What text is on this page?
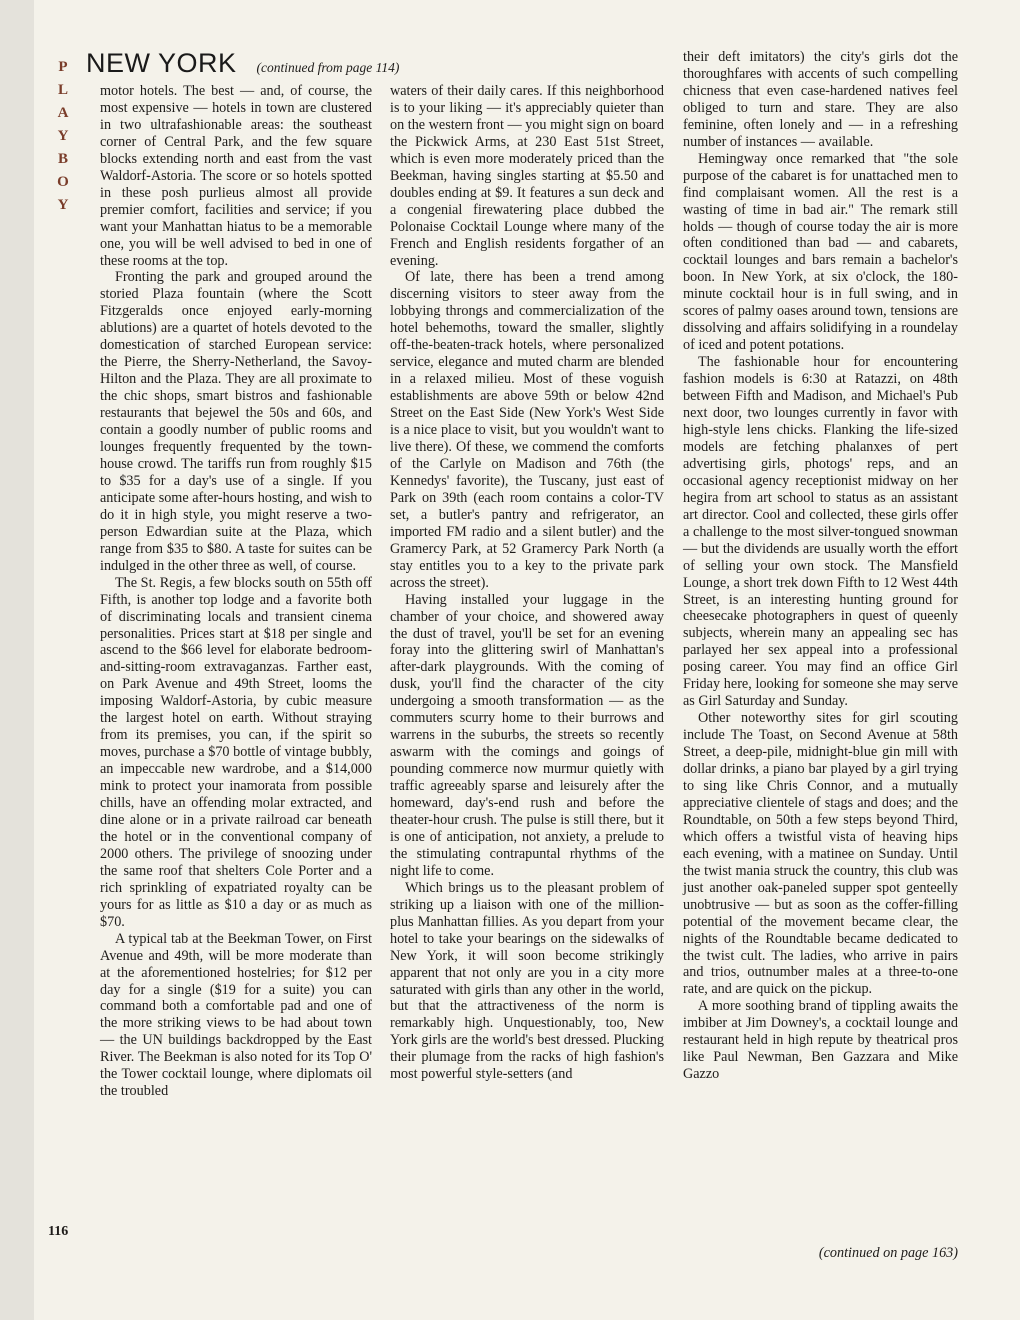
P
L
A
Y
B
O
Y
NEW YORK (continued from page 114)

motor hotels. The best — and, of course, the most expensive — hotels in town are clustered in two ultrafashionable areas: the southeast corner of Central Park, and the few square blocks extending north and east from the vast Waldorf-Astoria. The score or so hotels spotted in these posh purlieus almost all provide premier comfort, facilities and service; if you want your Manhattan hiatus to be a memorable one, you will be well advised to bed in one of these rooms at the top.

Fronting the park and grouped around the storied Plaza fountain (where the Scott Fitzgeralds once enjoyed early-morning ablutions) are a quartet of hotels devoted to the domestication of starched European service: the Pierre, the Sherry-Netherland, the Savoy-Hilton and the Plaza. They are all proximate to the chic shops, smart bistros and fashionable restaurants that bejewel the 50s and 60s, and contain a goodly number of public rooms and lounges frequently frequented by the town-house crowd. The tariffs run from roughly $15 to $35 for a day's use of a single. If you anticipate some after-hours hosting, and wish to do it in high style, you might reserve a two-person Edwardian suite at the Plaza, which range from $35 to $80. A taste for suites can be indulged in the other three as well, of course.

The St. Regis, a few blocks south on 55th off Fifth, is another top lodge and a favorite both of discriminating locals and transient cinema personalities. Prices start at $18 per single and ascend to the $66 level for elaborate bedroom-and-sitting-room extravaganzas. Farther east, on Park Avenue and 49th Street, looms the imposing Waldorf-Astoria, by cubic measure the largest hotel on earth. Without straying from its premises, you can, if the spirit so moves, purchase a $70 bottle of vintage bubbly, an impeccable new wardrobe, and a $14,000 mink to protect your inamorata from possible chills, have an offending molar extracted, and dine alone or in a private railroad car beneath the hotel or in the conventional company of 2000 others. The privilege of snoozing under the same roof that shelters Cole Porter and a rich sprinkling of expatriated royalty can be yours for as little as $10 a day or as much as $70.

A typical tab at the Beekman Tower, on First Avenue and 49th, will be more moderate than at the aforementioned hostelries; for $12 per day for a single ($19 for a suite) you can command both a comfortable pad and one of the more striking views to be had about town — the UN buildings backdropped by the East River. The Beekman is also noted for its Top O' the Tower cocktail lounge, where diplomats oil the troubled

waters of their daily cares. If this neighborhood is to your liking — it's appreciably quieter than on the western front — you might sign on board the Pickwick Arms, at 230 East 51st Street, which is even more moderately priced than the Beekman, having singles starting at $5.50 and doubles ending at $9. It features a sun deck and a congenial firewatering place dubbed the Polonaise Cocktail Lounge where many of the French and English residents forgather of an evening.

Of late, there has been a trend among discerning visitors to steer away from the lobbying throngs and commercialization of the hotel behemoths, toward the smaller, slightly off-the-beaten-track hotels, where personalized service, elegance and muted charm are blended in a relaxed milieu. Most of these voguish establishments are above 59th or below 42nd Street on the East Side (New York's West Side is a nice place to visit, but you wouldn't want to live there). Of these, we commend the comforts of the Carlyle on Madison and 76th (the Kennedys' favorite), the Tuscany, just east of Park on 39th (each room contains a color-TV set, a butler's pantry and refrigerator, an imported FM radio and a silent butler) and the Gramercy Park, at 52 Gramercy Park North (a stay entitles you to a key to the private park across the street).

Having installed your luggage in the chamber of your choice, and showered away the dust of travel, you'll be set for an evening foray into the glittering swirl of Manhattan's after-dark playgrounds. With the coming of dusk, you'll find the character of the city undergoing a smooth transformation — as the commuters scurry home to their burrows and warrens in the suburbs, the streets so recently aswarm with the comings and goings of pounding commerce now murmur quietly with traffic agreeably sparse and leisurely after the homeward, day's-end rush and before the theater-hour crush. The pulse is still there, but it is one of anticipation, not anxiety, a prelude to the stimulating contrapuntal rhythms of the night life to come.

Which brings us to the pleasant problem of striking up a liaison with one of the million-plus Manhattan fillies. As you depart from your hotel to take your bearings on the sidewalks of New York, it will soon become strikingly apparent that not only are you in a city more saturated with girls than any other in the world, but that the attractiveness of the norm is remarkably high. Unquestionably, too, New York girls are the world's best dressed. Plucking their plumage from the racks of high fashion's most powerful style-setters (and

their deft imitators) the city's girls dot the thoroughfares with accents of such compelling chicness that even case-hardened natives feel obliged to turn and stare. They are also feminine, often lonely and — in a refreshing number of instances — available.

Hemingway once remarked that "the sole purpose of the cabaret is for unattached men to find complaisant women. All the rest is a wasting of time in bad air." The remark still holds — though of course today the air is more often conditioned than bad — and cabarets, cocktail lounges and bars remain a bachelor's boon. In New York, at six o'clock, the 180-minute cocktail hour is in full swing, and in scores of palmy oases around town, tensions are dissolving and affairs solidifying in a roundelay of iced and potent potations.

The fashionable hour for encountering fashion models is 6:30 at Ratazzi, on 48th between Fifth and Madison, and Michael's Pub next door, two lounges currently in favor with high-style lens chicks. Flanking the life-sized models are fetching phalanxes of pert advertising girls, photogs' reps, and an occasional agency receptionist midway on her hegira from art school to status as an assistant art director. Cool and collected, these girls offer a challenge to the most silver-tongued snowman — but the dividends are usually worth the effort of selling your own stock. The Mansfield Lounge, a short trek down Fifth to 12 West 44th Street, is an interesting hunting ground for cheesecake photographers in quest of queenly subjects, wherein many an appealing sec has parlayed her sex appeal into a professional posing career. You may find an office Girl Friday here, looking for someone she may serve as Girl Saturday and Sunday.

Other noteworthy sites for girl scouting include The Toast, on Second Avenue at 58th Street, a deep-pile, midnight-blue gin mill with dollar drinks, a piano bar played by a girl trying to sing like Chris Connor, and a mutually appreciative clientele of stags and does; and the Roundtable, on 50th a few steps beyond Third, which offers a twistful vista of heaving hips each evening, with a matinee on Sunday. Until the twist mania struck the country, this club was just another oak-paneled supper spot genteelly unobtrusive — but as soon as the coffer-filling potential of the movement became clear, the nights of the Roundtable became dedicated to the twist cult. The ladies, who arrive in pairs and trios, outnumber males at a three-to-one rate, and are quick on the pickup.

A more soothing brand of tippling awaits the imbiber at Jim Downey's, a cocktail lounge and restaurant held in high repute by theatrical pros like Paul Newman, Ben Gazzara and Mike Gazzo

(continued on page 163)
116
